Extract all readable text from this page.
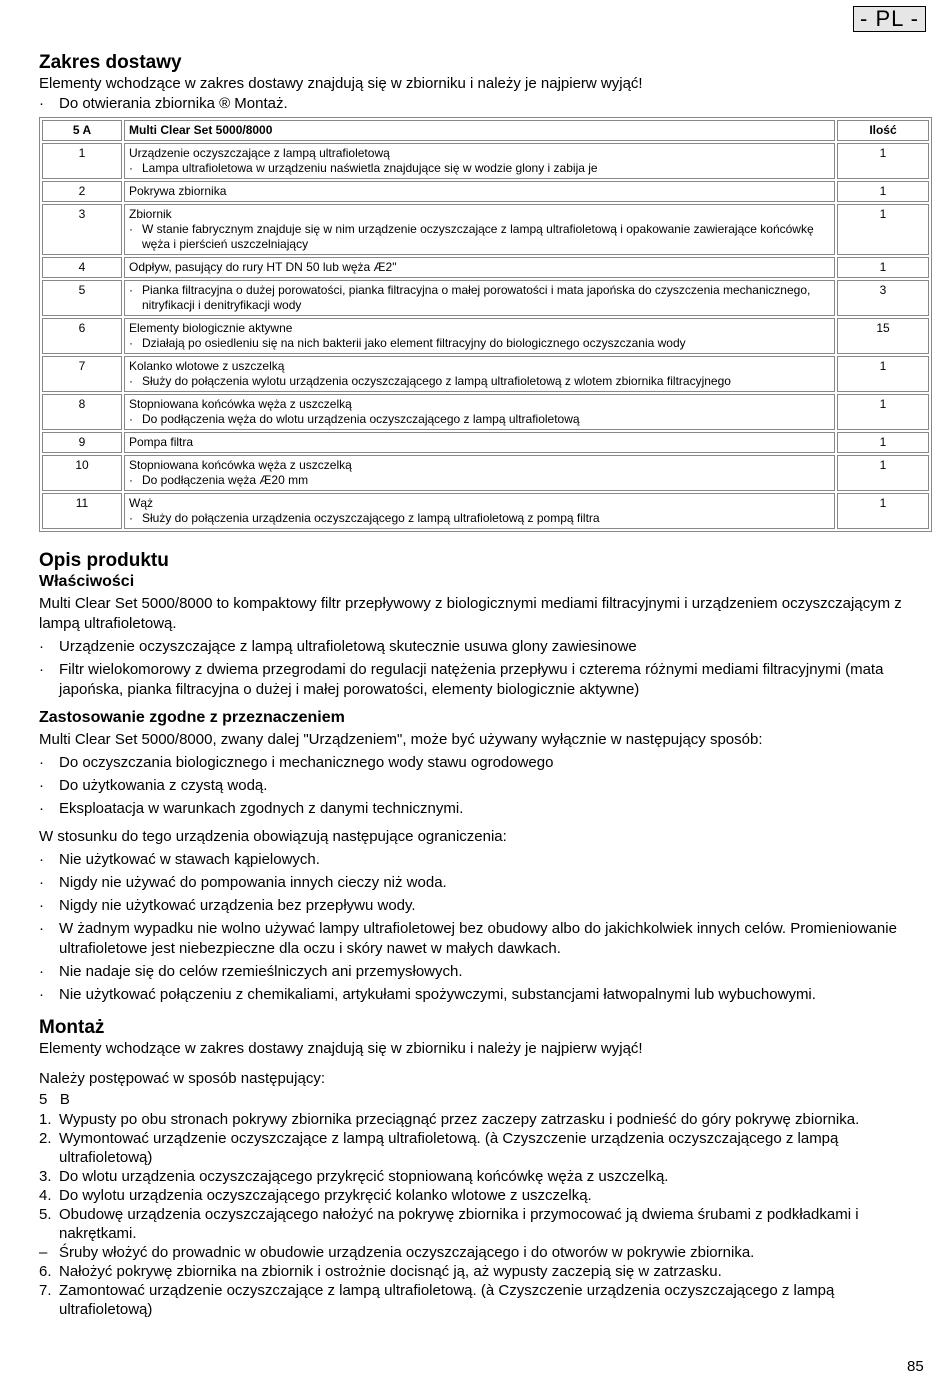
- PL -
Zakres dostawy

Elementy wchodzące w zakres dostawy znajdują się w zbiorniku i należy je najpierw wyjąć!

· Do otwierania zbiornika ® Montaż.
5 A	Multi Clear Set 5000/8000	Ilość
1	Urządzenie oczyszczające z lampą ultrafioletową
· Lampa ultrafioletowa w urządzeniu naświetla znajdujące się w wodzie glony i zabija je	1
2	Pokrywa zbiornika	1
3	Zbiornik
· W stanie fabrycznym znajduje się w nim urządzenie oczyszczające z lampą ultrafioletową i opakowanie zawierające końcówkę węża i pierścień uszczelniający	1
4	Odpływ, pasujący do rury HT DN 50 lub węża Æ2"	1
5	· Pianka filtracyjna o dużej porowatości, pianka filtracyjna o małej porowatości i mata japońska do czyszczenia mechanicznego, nitryfikacji i denitryfikacji wody	3
6	Elementy biologicznie aktywne
· Działają po osiedleniu się na nich bakterii jako element filtracyjny do biologicznego oczyszczania wody	15
7	Kolanko wlotowe z uszczelką
· Służy do połączenia wylotu urządzenia oczyszczającego z lampą ultrafioletową z wlotem zbiornika filtracyjnego	1
8	Stopniowana końcówka węża z uszczelką
· Do podłączenia węża do wlotu urządzenia oczyszczającego z lampą ultrafioletową	1
9	Pompa filtra	1
10	Stopniowana końcówka węża z uszczelką
· Do podłączenia węża Æ20 mm	1
11	Wąż
· Służy do połączenia urządzenia oczyszczającego z lampą ultrafioletową z pompą filtra	1
Opis produktu
Właściwości

Multi Clear Set 5000/8000 to kompaktowy filtr przepływowy z biologicznymi mediami filtracyjnymi i urządzeniem oczyszczającym z lampą ultrafioletową.

· Urządzenie oczyszczające z lampą ultrafioletową skutecznie usuwa glony zawiesinowe
· Filtr wielokomorowy z dwiema przegrodami do regulacji natężenia przepływu i czterema różnymi mediami filtracyjnymi (mata japońska, pianka filtracyjna o dużej i małej porowatości, elementy biologicznie aktywne)
Zastosowanie zgodne z przeznaczeniem

Multi Clear Set 5000/8000, zwany dalej "Urządzeniem", może być używany wyłącznie w następujący sposób:

· Do oczyszczania biologicznego i mechanicznego wody stawu ogrodowego
· Do użytkowania z czystą wodą.
· Eksploatacja w warunkach zgodnych z danymi technicznymi.

W stosunku do tego urządzenia obowiązują następujące ograniczenia:

· Nie użytkować w stawach kąpielowych.
· Nigdy nie używać do pompowania innych cieczy niż woda.
· Nigdy nie użytkować urządzenia bez przepływu wody.
· W żadnym wypadku nie wolno używać lampy ultrafioletowej bez obudowy albo do jakichkolwiek innych celów. Promieniowanie ultrafioletowe jest niebezpieczne dla oczu i skóry nawet w małych dawkach.
· Nie nadaje się do celów rzemieślniczych ani przemysłowych.
· Nie użytkować połączeniu z chemikaliami, artykułami spożywczymi, substancjami łatwopalnymi lub wybuchowymi.
Montaż

Elementy wchodzące w zakres dostawy znajdują się w zbiorniku i należy je najpierw wyjąć!

Należy postępować w sposób następujący:

5   B

1. Wypusty po obu stronach pokrywy zbiornika przeciągnąć przez zaczepy zatrzasku i podnieść do góry pokrywę zbiornika.
2. Wymontować urządzenie oczyszczające z lampą ultrafioletową. (à Czyszczenie urządzenia oczyszczającego z lampą ultrafioletową)
3. Do wlotu urządzenia oczyszczającego przykręcić stopniowaną końcówkę węża z uszczelką.
4. Do wylotu urządzenia oczyszczającego przykręcić kolanko wlotowe z uszczelką.
5. Obudowę urządzenia oczyszczającego nałożyć na pokrywę zbiornika i przymocować ją dwiema śrubami z podkładkami i nakrętkami.
– Śruby włożyć do prowadnic w obudowie urządzenia oczyszczającego i do otworów w pokrywie zbiornika.
6. Nałożyć pokrywę zbiornika na zbiornik i ostrożnie docisnąć ją, aż wypusty zaczepią się w zatrzasku.
7. Zamontować urządzenie oczyszczające z lampą ultrafioletową. (à Czyszczenie urządzenia oczyszczającego z lampą ultrafioletową)
85
